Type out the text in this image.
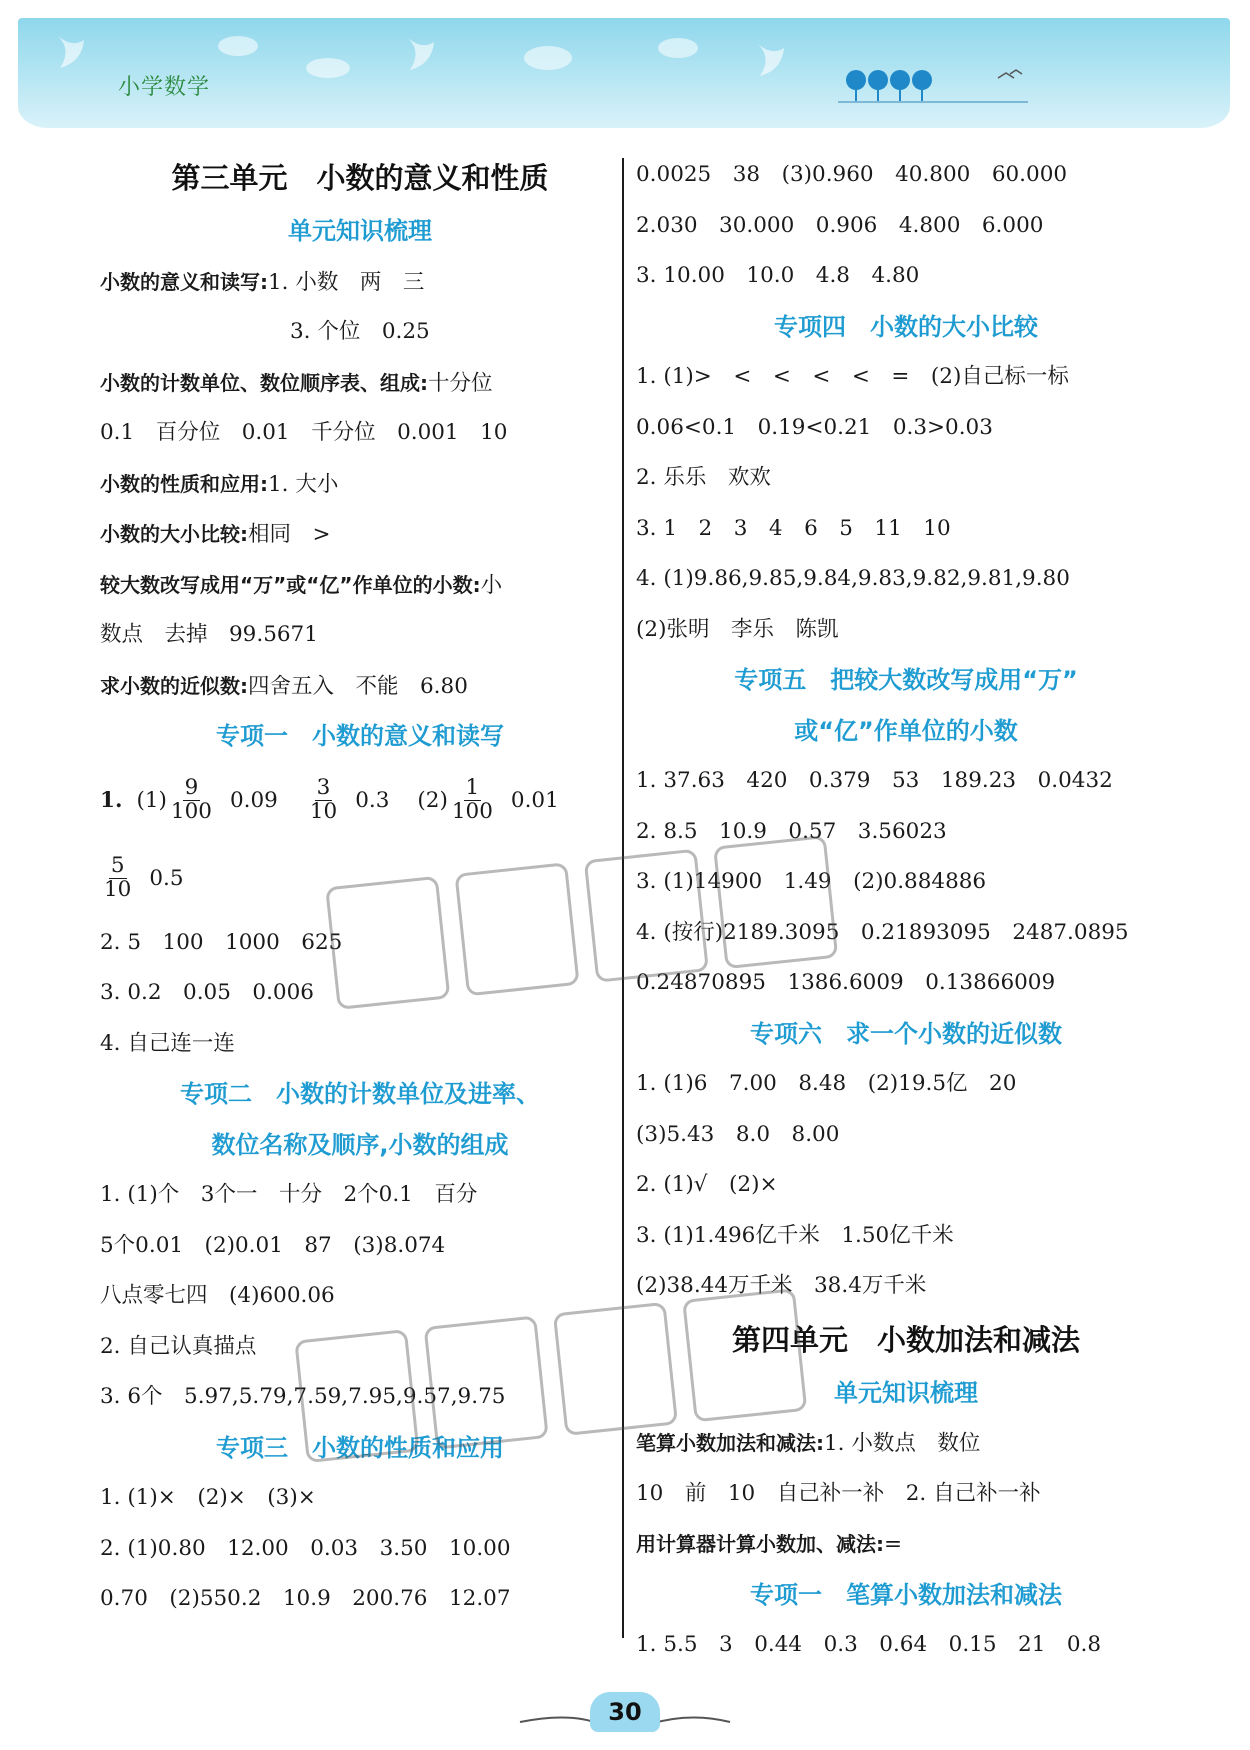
小学数学
第三单元　小数的意义和性质
单元知识梳理
小数的意义和读写:1. 小数　两　三
3. 个位　0.25
小数的计数单位、数位顺序表、组成:十分位
0.1　百分位　0.01　千分位　0.001　10
小数的性质和应用:1. 大小
小数的大小比较:相同　>
较大数改写成用“万”或“亿”作单位的小数:小
数点　去掉　99.5671
求小数的近似数:四舍五入　不能　6.80
专项一　小数的意义和读写
1. $(1) \frac{9}{100} 0.09 \frac{3}{10} 0.3$ $(2) \frac{1}{100} 0.01$
$\frac{5}{10} 0.5$
2. 5　100　1000　625
3. 0.2　0.05　0.006
4. 自己连一连
专项二　小数的计数单位及进率、
数位名称及顺序,小数的组成
1. (1)个　3个一　十分　2个0.1　百分
5个0.01　(2)0.01　87　(3)8.074
八点零七四　(4)600.06
2. 自己认真描点
3. 6个　5.97,5.79,7.59,7.95,9.57,9.75
专项三　小数的性质和应用
1. (1)×　(2)×　(3)×
2. (1)0.80　12.00　0.03　3.50　10.00
0.70　(2)550.2　10.9　200.76　12.07
0.0025　38　(3)0.960　40.800　60.000
2.030　30.000　0.906　4.800　6.000
3. 10.00　10.0　4.8　4.80
专项四　小数的大小比较
1. (1)>　<　<　<　<　=　(2)自己标一标
0.06<0.1　0.19<0.21　0.3>0.03
2. 乐乐　欢欢
3. 1　2　3　4　6　5　11　10
4. (1)9.86,9.85,9.84,9.83,9.82,9.81,9.80
(2)张明　李乐　陈凯
专项五　把较大数改写成用“万”
或“亿”作单位的小数
1. 37.63　420　0.379　53　189.23　0.0432
2. 8.5　10.9　0.57　3.56023
3. (1)14900　1.49　(2)0.884886
4. (按行)2189.3095　0.21893095　2487.0895
0.24870895　1386.6009　0.13866009
专项六　求一个小数的近似数
1. (1)6　7.00　8.48　(2)19.5亿　20
(3)5.43　8.0　8.00
2. (1)√　(2)×
3. (1)1.496亿千米　1.50亿千米
(2)38.44万千米　38.4万千米
第四单元　小数加法和减法
单元知识梳理
笔算小数加法和减法:1. 小数点　数位
10　前　10　自己补一补　2. 自己补一补
用计算器计算小数加、减法:=
专项一　笔算小数加法和减法
1. 5.5　3　0.44　0.3　0.64　0.15　21　0.8
30
